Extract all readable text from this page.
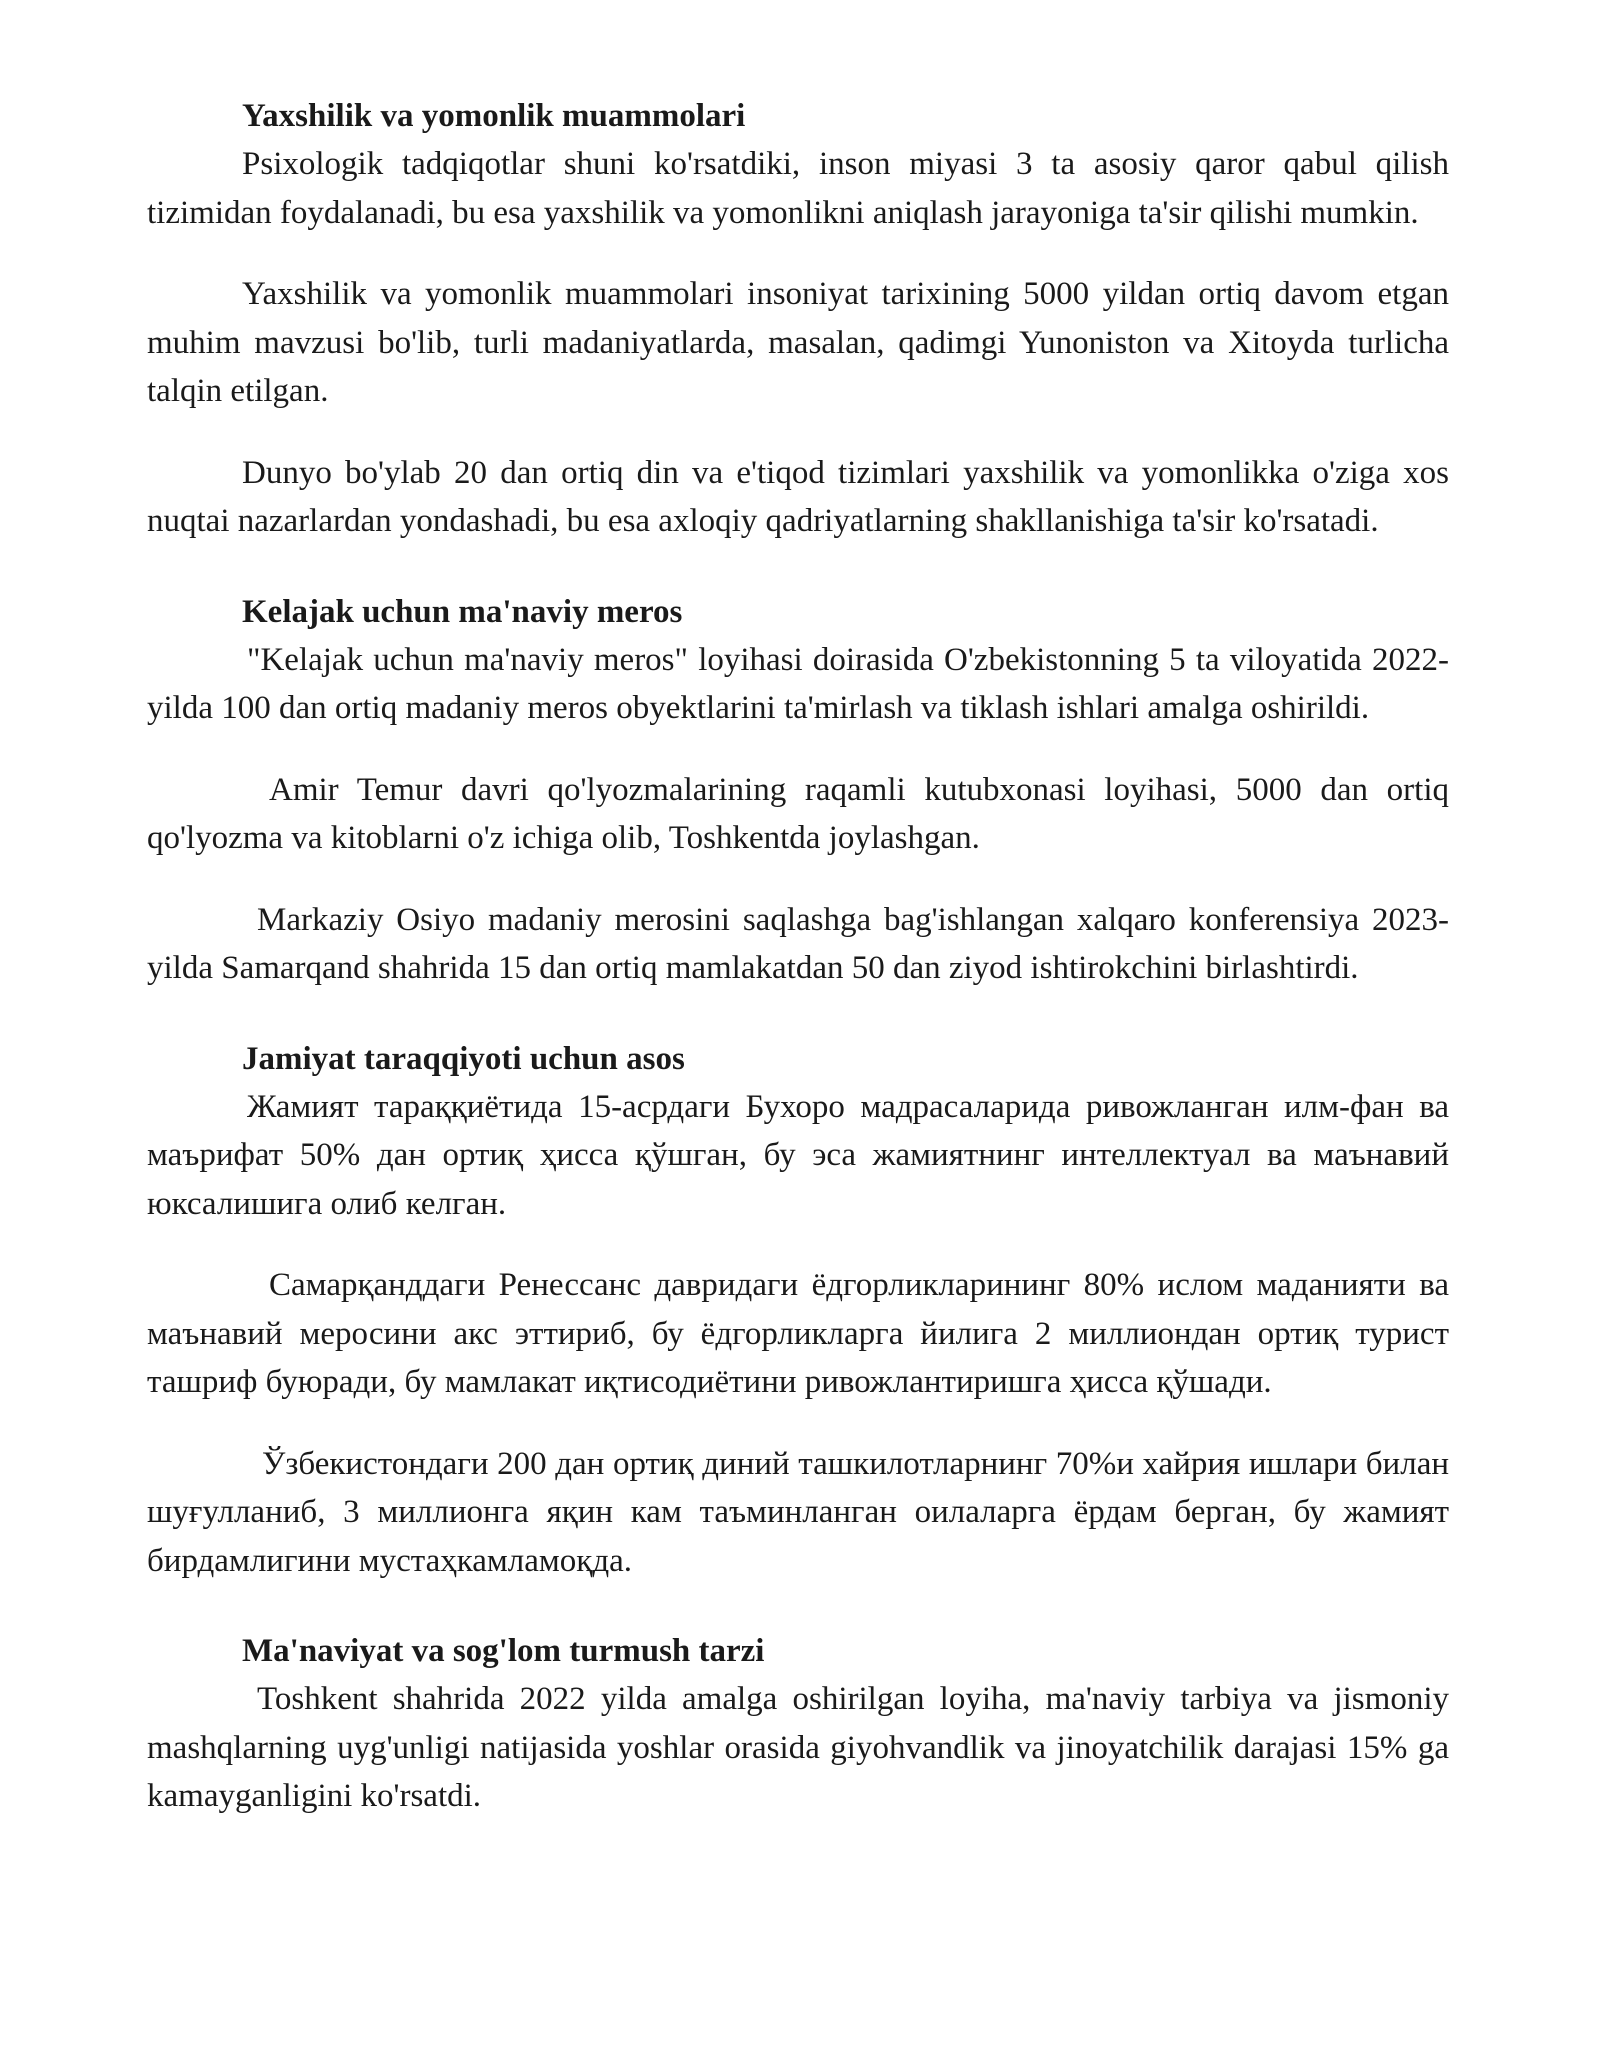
Yaxshilik va yomonlik muammolari

Psixologik tadqiqotlar shuni ko'rsatdiki, inson miyasi 3 ta asosiy qaror qabul qilish tizimidan foydalanadi, bu esa yaxshilik va yomonlikni aniqlash jarayoniga ta'sir qilishi mumkin.

Yaxshilik va yomonlik muammolari insoniyat tarixining 5000 yildan ortiq davom etgan muhim mavzusi bo'lib, turli madaniyatlarda, masalan, qadimgi Yunoniston va Xitoyda turlicha talqin etilgan.

Dunyo bo'ylab 20 dan ortiq din va e'tiqod tizimlari yaxshilik va yomonlikka o'ziga xos nuqtai nazarlardan yondashadi, bu esa axloqiy qadriyatlarning shakllanishiga ta'sir ko'rsatadi.

Kelajak uchun ma'naviy meros

"Kelajak uchun ma'naviy meros" loyihasi doirasida O'zbekistonning 5 ta viloyatida 2022-yilda 100 dan ortiq madaniy meros obyektlarini ta'mirlash va tiklash ishlari amalga oshirildi.

Amir Temur davri qo'lyozmalarining raqamli kutubxonasi loyihasi, 5000 dan ortiq qo'lyozma va kitoblarni o'z ichiga olib, Toshkentda joylashgan.

Markaziy Osiyo madaniy merosini saqlashga bag'ishlangan xalqaro konferensiya 2023-yilda Samarqand shahrida 15 dan ortiq mamlakatdan 50 dan ziyod ishtirokchini birlashtirdi.

Jamiyat taraqqiyoti uchun asos

Жамият тараққиётида 15-асрдаги Бухоро мадрасаларида ривожланган илм-фан ва маърифат 50% дан ортиқ ҳисса қўшган, бу эса жамиятнинг интеллектуал ва маънавий юксалишига олиб келган.

Самарқанддаги Ренессанс давридаги ёдгорликларининг 80% ислом маданияти ва маънавий меросини акс эттириб, бу ёдгорликларга йилига 2 миллиондан ортиқ турист ташриф буюради, бу мамлакат иқтисодиётини ривожлантиришга ҳисса қўшади.

Ўзбекистондаги 200 дан ортиқ диний ташкилотларнинг 70%и хайрия ишлари билан шуғулланиб, 3 миллионга яқин кам таъминланган оилаларга ёрдам берган, бу жамият бирдамлигини мустаҳкамламоқда.

Ma'naviyat va sog'lom turmush tarzi

Toshkent shahrida 2022 yilda amalga oshirilgan loyiha, ma'naviy tarbiya va jismoniy mashqlarning uyg'unligi natijasida yoshlar orasida giyohvandlik va jinoyatchilik darajasi 15% ga kamayganligini ko'rsatdi.
